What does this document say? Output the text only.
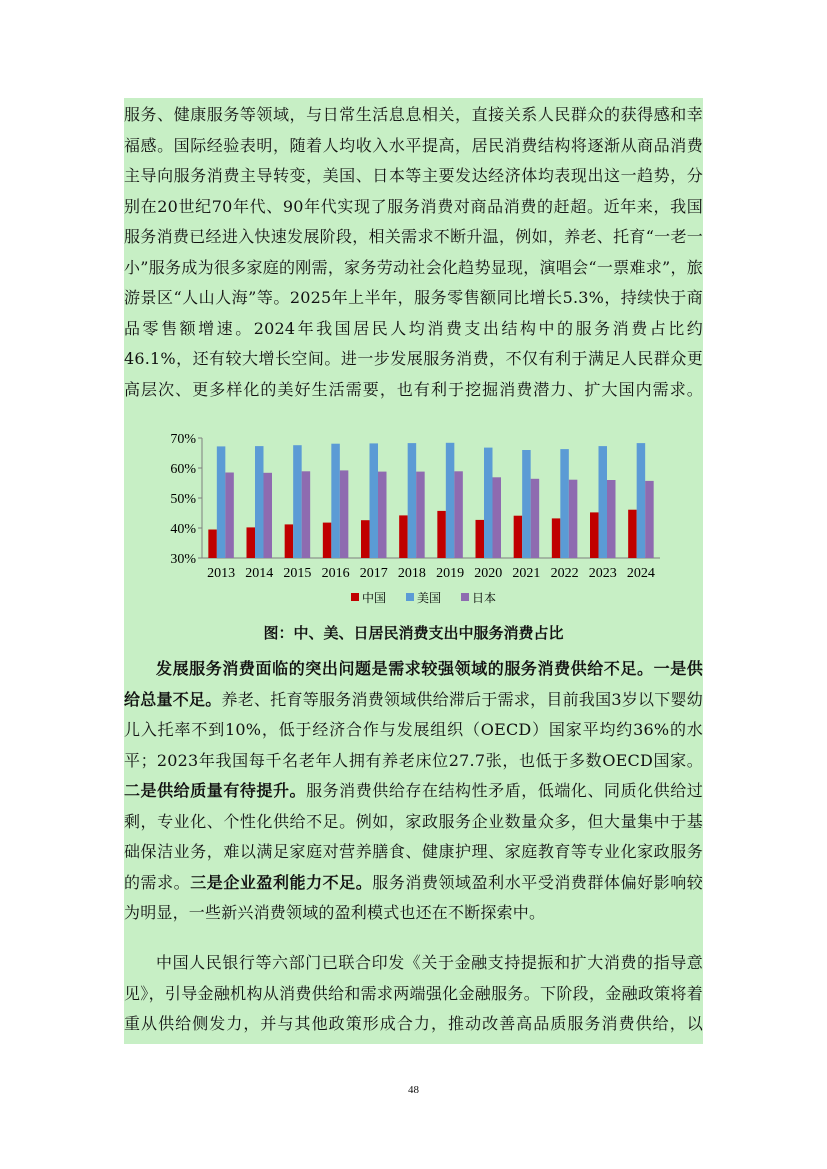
服务、健康服务等领域，与日常生活息息相关，直接关系人民群众的获得感和幸福感。国际经验表明，随着人均收入水平提高，居民消费结构将逐渐从商品消费主导向服务消费主导转变，美国、日本等主要发达经济体均表现出这一趋势，分别在20世纪70年代、90年代实现了服务消费对商品消费的赶超。近年来，我国服务消费已经进入快速发展阶段，相关需求不断升温，例如，养老、托育“一老一小”服务成为很多家庭的刚需，家务劳动社会化趋势显现，演唱会“一票难求”，旅游景区“人山人海”等。2025年上半年，服务零售额同比增长5.3%，持续快于商品零售额增速。2024年我国居民人均消费支出结构中的服务消费占比约46.1%，还有较大增长空间。进一步发展服务消费，不仅有利于满足人民群众更高层次、更多样化的美好生活需要，也有利于挖掘消费潜力、扩大国内需求。
70%
60%
50%
40%
30%
2013 2014 2015 2016 2017 2018 2019 2020 2021 2022 2023 2024
中国	美国	日本
图：中、美、日居民消费支出中服务消费占比
发展服务消费面临的突出问题是需求较强领域的服务消费供给不足。一是供给总量不足。养老、托育等服务消费领域供给滞后于需求，目前我国3岁以下婴幼儿入托率不到10%，低于经济合作与发展组织（OECD）国家平均约36%的水平；2023年我国每千名老年人拥有养老床位27.7张，也低于多数OECD国家。二是供给质量有待提升。服务消费供给存在结构性矛盾，低端化、同质化供给过剩，专业化、个性化供给不足。例如，家政服务企业数量众多，但大量集中于基础保洁业务，难以满足家庭对营养膳食、健康护理、家庭教育等专业化家政服务的需求。三是企业盈利能力不足。服务消费领域盈利水平受消费群体偏好影响较为明显，一些新兴消费领域的盈利模式也还在不断探索中。
中国人民银行等六部门已联合印发《关于金融支持提振和扩大消费的指导意见》，引导金融机构从消费供给和需求两端强化金融服务。下阶段，金融政策将着重从供给侧发力，并与其他政策形成合力，推动改善高品质服务消费供给，以
48
